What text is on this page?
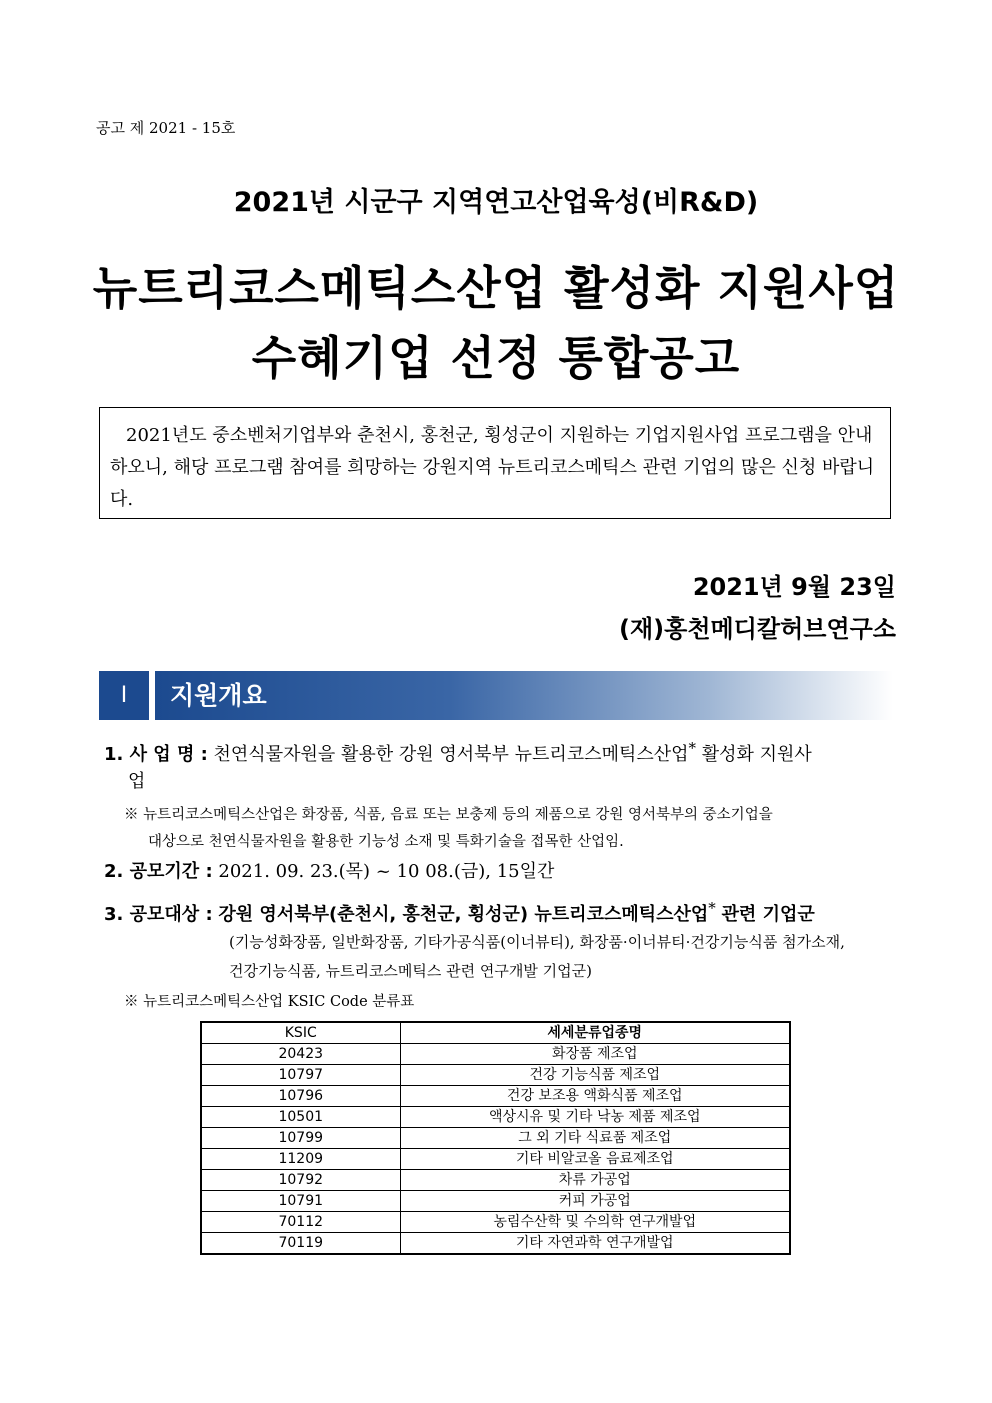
공고 제 2021 - 15호
2021년 시군구 지역연고산업육성(비R&D)
뉴트리코스메틱스산업 활성화 지원사업
수혜기업 선정 통합공고
2021년도 중소벤처기업부와 춘천시, 홍천군, 횡성군이 지원하는 기업지원사업 프로그램을 안내하오니, 해당 프로그램 참여를 희망하는 강원지역 뉴트리코스메틱스 관련 기업의 많은 신청 바랍니다.
2021년 9월 23일
(재)홍천메디칼허브연구소
Ⅰ	지원개요
1. 사 업 명 : 천연식물자원을 활용한 강원 영서북부 뉴트리코스메틱스산업* 활성화 지원사
업
※ 뉴트리코스메틱스산업은 화장품, 식품, 음료 또는 보충제 등의 제품으로 강원 영서북부의 중소기업을
대상으로 천연식물자원을 활용한 기능성 소재 및 특화기술을 접목한 산업임.
2. 공모기간 : 2021. 09. 23.(목) ~ 10 08.(금), 15일간
3. 공모대상 : 강원 영서북부(춘천시, 홍천군, 횡성군) 뉴트리코스메틱스산업* 관련 기업군
(기능성화장품, 일반화장품, 기타가공식품(이너뷰티), 화장품·이너뷰티·건강기능식품 첨가소재,
건강기능식품, 뉴트리코스메틱스 관련 연구개발 기업군)
※ 뉴트리코스메틱스산업 KSIC Code 분류표
KSIC	세세분류업종명
20423	화장품 제조업
10797	건강 기능식품 제조업
10796	건강 보조용 액화식품 제조업
10501	액상시유 및 기타 낙농 제품 제조업
10799	그 외 기타 식료품 제조업
11209	기타 비알코올 음료제조업
10792	차류 가공업
10791	커피 가공업
70112	농림수산학 및 수의학 연구개발업
70119	기타 자연과학 연구개발업
